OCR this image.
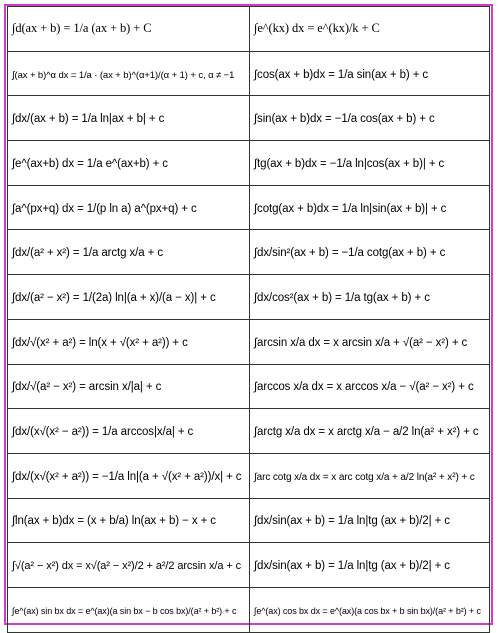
∫d(ax + b) = 1/a (ax + b) + C	∫e^(kx) dx = e^(kx)/k + C
∫(ax + b)^α dx = 1/a · (ax + b)^(α+1)/(α + 1) + c, α ≠ −1	∫cos(ax + b)dx = 1/a sin(ax + b) + c
∫dx/(ax + b) = 1/a ln|ax + b| + c	∫sin(ax + b)dx = −1/a cos(ax + b) + c
∫e^(ax+b) dx = 1/a e^(ax+b) + c	∫tg(ax + b)dx = −1/a ln|cos(ax + b)| + c
∫a^(px+q) dx = 1/(p ln a) a^(px+q) + c	∫cotg(ax + b)dx = 1/a ln|sin(ax + b)| + c
∫dx/(a² + x²) = 1/a arctg x/a + c	∫dx/sin²(ax + b) = −1/a cotg(ax + b) + c
∫dx/(a² − x²) = 1/(2a) ln|(a + x)/(a − x)| + c	∫dx/cos²(ax + b) = 1/a tg(ax + b) + c
∫dx/√(x² + a²) = ln(x + √(x² + a²)) + c	∫arcsin x/a dx = x arcsin x/a + √(a² − x²) + c
∫dx/√(a² − x²) = arcsin x/|a| + c	∫arccos x/a dx = x arccos x/a − √(a² − x²) + c
∫dx/(x√(x² − a²)) = 1/a arccos|x/a| + c	∫arctg x/a dx = x arctg x/a − a/2 ln(a² + x²) + c
∫dx/(x√(x² + a²)) = −1/a ln|(a + √(x² + a²))/x| + c	∫arc cotg x/a dx = x arc cotg x/a + a/2 ln(a² + x²) + c
∫ln(ax + b)dx = (x + b/a) ln(ax + b) − x + c	∫dx/sin(ax + b) = 1/a ln|tg (ax + b)/2| + c
∫√(a² − x²) dx = x√(a² − x²)/2 + a²/2 arcsin x/a + c	∫dx/sin(ax + b) = 1/a ln|tg (ax + b)/2| + c
∫e^(ax) sin bx dx = e^(ax)(a sin bx − b cos bx)/(a² + b²) + c	∫e^(ax) cos bx dx = e^(ax)(a cos bx + b sin bx)/(a² + b²) + c
